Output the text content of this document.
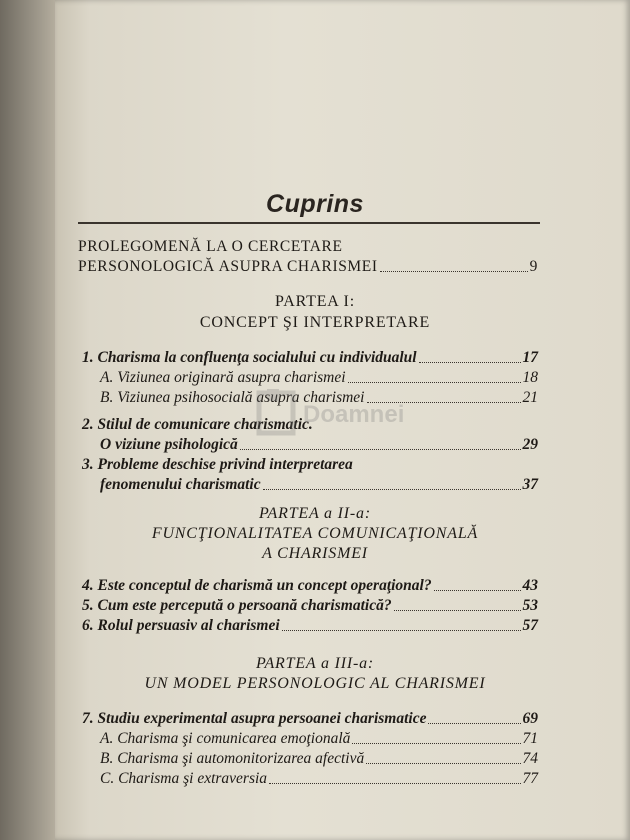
Cuprins
PROLEGOMENĂ LA O CERCETARE
PERSONOLOGICĂ ASUPRA CHARISMEI	9
PARTEA I:
CONCEPT ŞI INTERPRETARE
1. Charisma la confluenţa socialului cu individualul	17
A. Viziunea originară asupra charismei	18
B. Viziunea psihosocială asupra charismei	21
2. Stilul de comunicare charismatic.
O viziune psihologică	29
3. Probleme deschise privind interpretarea
fenomenului charismatic	37
Doamnei
PARTEA a II-a:
FUNCŢIONALITATEA COMUNICAŢIONALĂ
A CHARISMEI
4. Este conceptul de charismă un concept operaţional?	43
5. Cum este percepută o persoană charismatică?	53
6. Rolul persuasiv al charismei	57
PARTEA a III-a:
UN MODEL PERSONOLOGIC AL CHARISMEI
7. Studiu experimental asupra persoanei charismatice	69
A. Charisma şi comunicarea emoţională	71
B. Charisma şi automonitorizarea afectivă	74
C. Charisma şi extraversia	77
